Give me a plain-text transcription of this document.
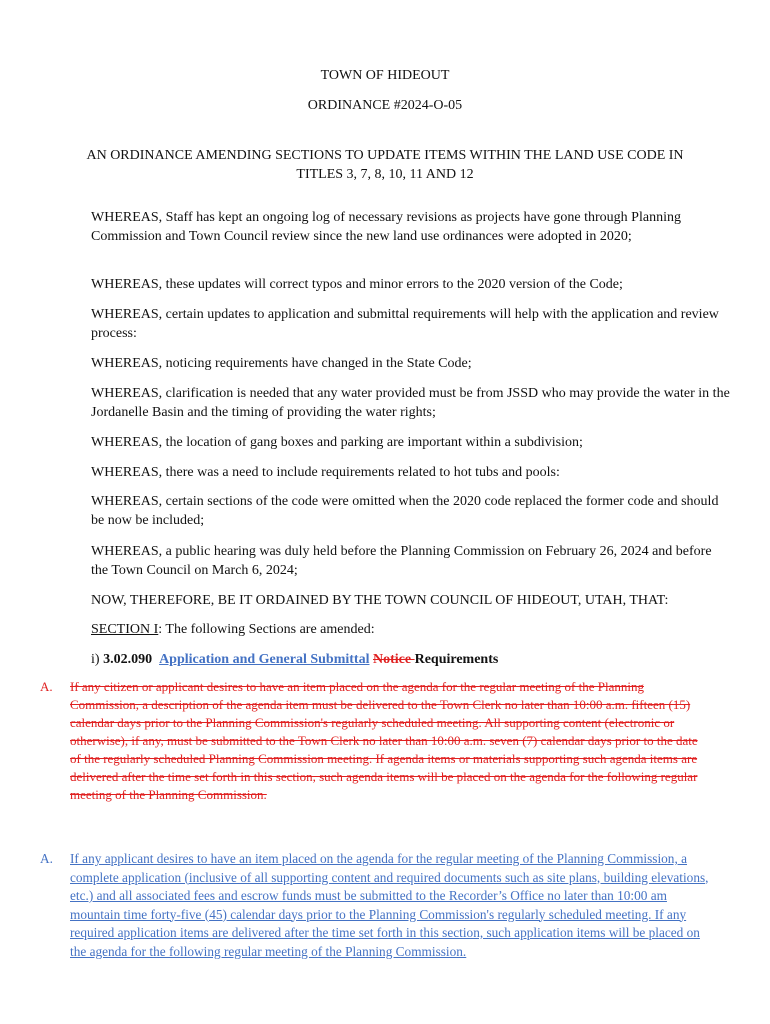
TOWN OF HIDEOUT
ORDINANCE #2024-O-05
AN ORDINANCE AMENDING SECTIONS TO UPDATE ITEMS WITHIN THE LAND USE CODE IN
TITLES 3, 7, 8, 10, 11 AND 12
WHEREAS, Staff has kept an ongoing log of necessary revisions as projects have gone through Planning Commission and Town Council review since the new land use ordinances were adopted in 2020;
WHEREAS, these updates will correct typos and minor errors to the 2020 version of the Code;
WHEREAS, certain updates to application and submittal requirements will help with the application and review process:
WHEREAS, noticing requirements have changed in the State Code;
WHEREAS, clarification is needed that any water provided must be from JSSD who may provide the water in the Jordanelle Basin and the timing of providing the water rights;
WHEREAS, the location of gang boxes and parking are important within a subdivision;
WHEREAS, there was a need to include requirements related to hot tubs and pools:
WHEREAS, certain sections of the code were omitted when the 2020 code replaced the former code and should be now be included;
WHEREAS, a public hearing was duly held before the Planning Commission on February 26, 2024 and before the Town Council on March 6, 2024;
NOW, THEREFORE, BE IT ORDAINED BY THE TOWN COUNCIL OF HIDEOUT, UTAH, THAT:
SECTION I: The following Sections are amended:
i) 3.02.090 Application and General Submittal Notice Requirements
A. If any citizen or applicant desires to have an item placed on the agenda for the regular meeting of the Planning Commission, a description of the agenda item must be delivered to the Town Clerk no later than 10:00 a.m. fifteen (15) calendar days prior to the Planning Commission's regularly scheduled meeting. All supporting content (electronic or otherwise), if any, must be submitted to the Town Clerk no later than 10:00 a.m. seven (7) calendar days prior to the date of the regularly scheduled Planning Commission meeting. If agenda items or materials supporting such agenda items are delivered after the time set forth in this section, such agenda items will be placed on the agenda for the following regular meeting of the Planning Commission.
A. If any applicant desires to have an item placed on the agenda for the regular meeting of the Planning Commission, a complete application (inclusive of all supporting content and required documents such as site plans, building elevations, etc.) and all associated fees and escrow funds must be submitted to the Recorder’s Office no later than 10:00 am mountain time forty-five (45) calendar days prior to the Planning Commission's regularly scheduled meeting. If any required application items are delivered after the time set forth in this section, such application items will be placed on the agenda for the following regular meeting of the Planning Commission.
